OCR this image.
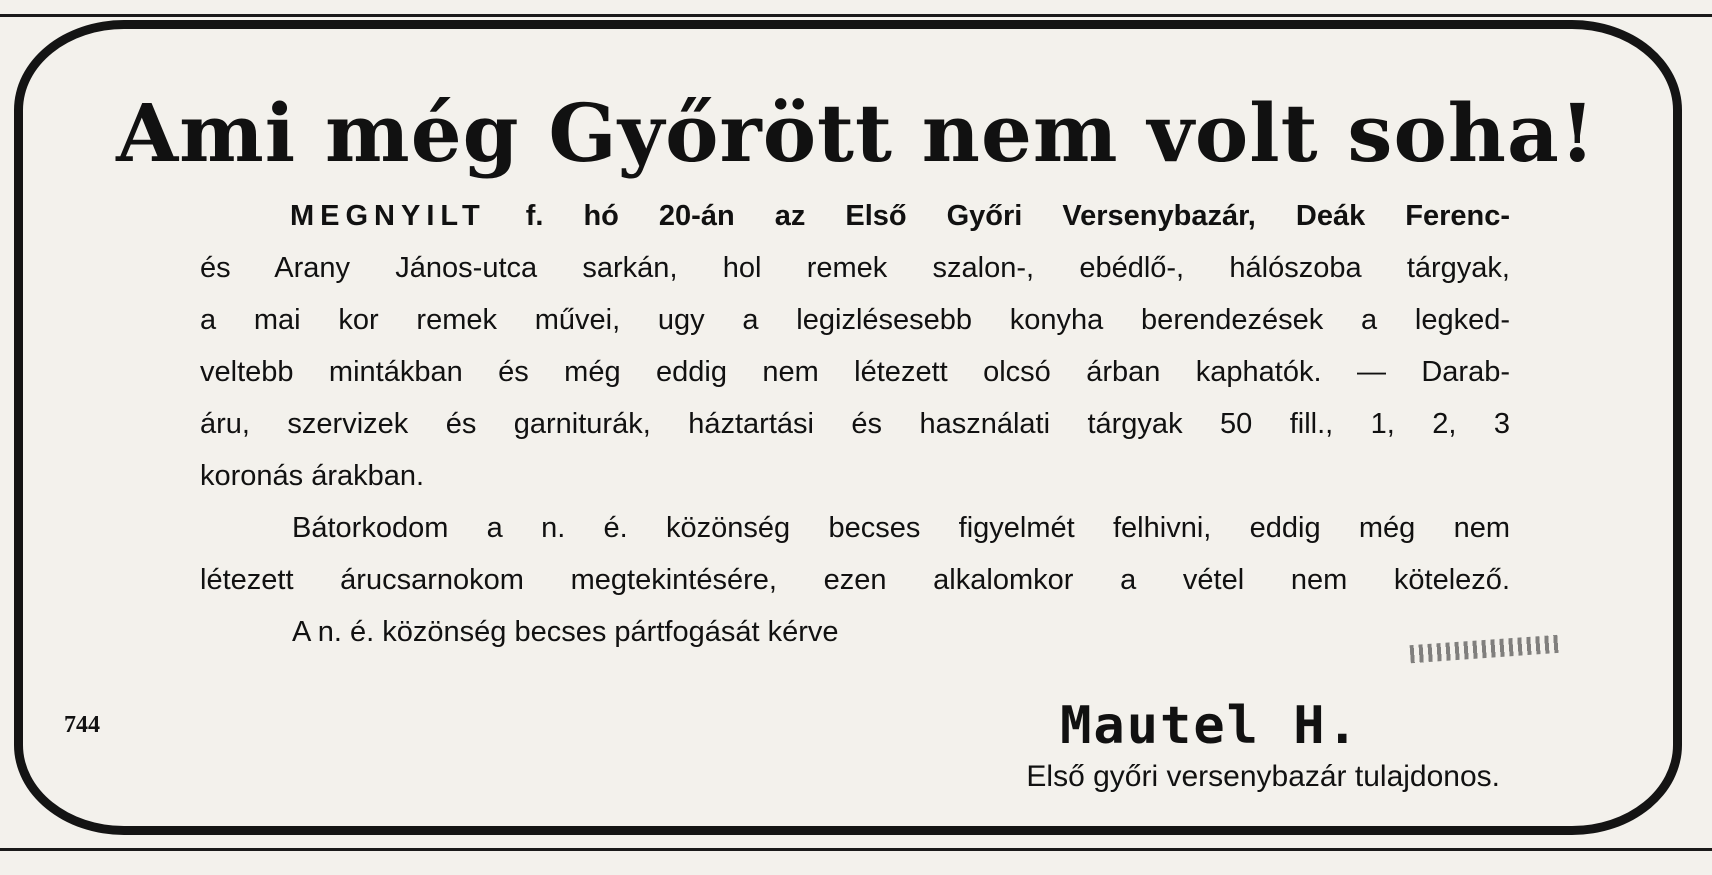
Ami még Győrött nem volt soha!
MEGNYILT f. hó 20-án az Első Győri Versenybazár, Deák Ferenc-
és Arany János-utca sarkán, hol remek szalon-, ebédlő-, hálószoba tárgyak,
a mai kor remek művei, ugy a legizlésesebb konyha berendezések a legked-
veltebb mintákban és még eddig nem létezett olcsó árban kaphatók. — Darab-
áru, szervizek és garniturák, háztartási és használati tárgyak 50 fill., 1, 2, 3
koronás árakban.
Bátorkodom a n. é. közönség becses figyelmét felhivni, eddig még nem
létezett árucsarnokom megtekintésére, ezen alkalomkor a vétel nem kötelező.
A n. é. közönség becses pártfogását kérve
744	Mautel H.
Első győri versenybazár tulajdonos.
